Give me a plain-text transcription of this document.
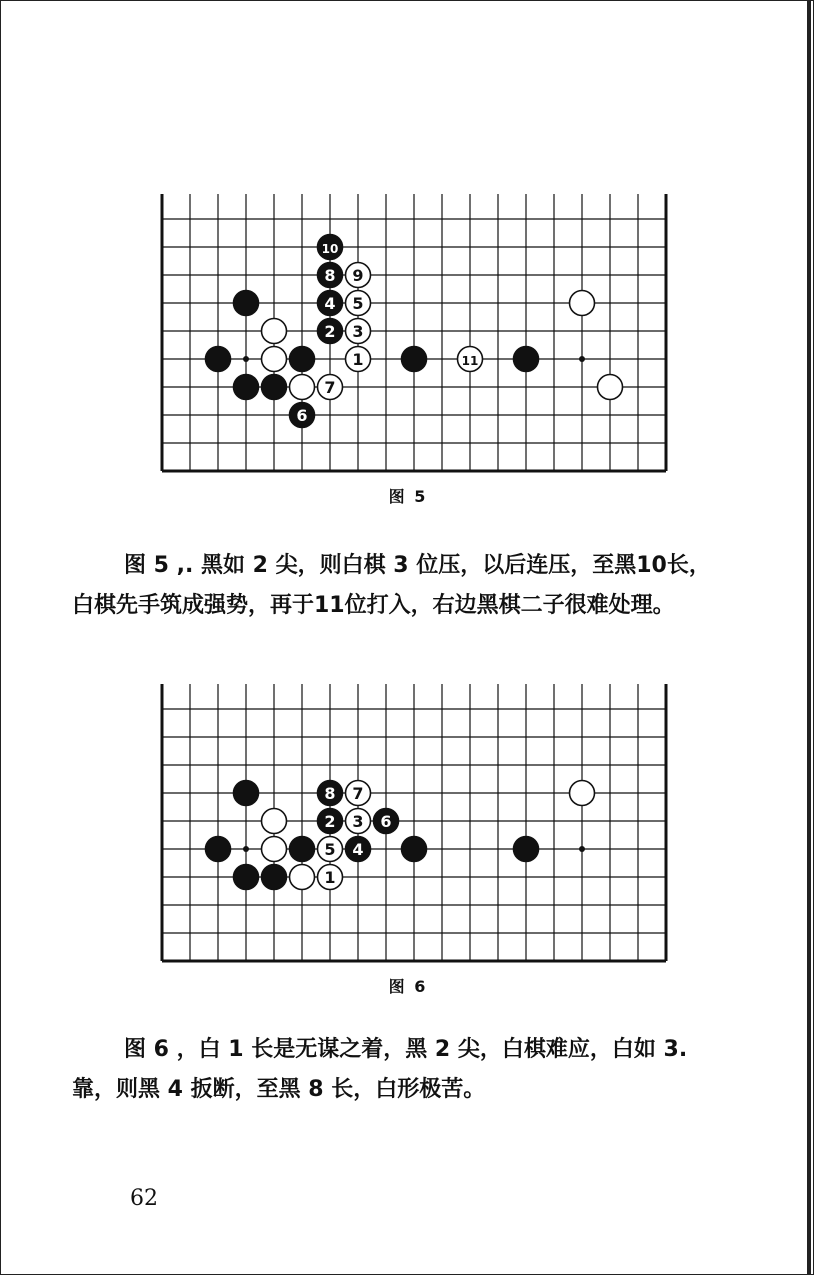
10
8 9
4 5
2 3
1	11
7
6
图 5
图 5 ,. 黑如 2 尖，则白棋 3 位压，以后连压，至黑10长，
白棋先手筑成强势，再于11位打入，右边黑棋二子很难处理。
8 7
2 3 6
5 4
1
图 6
图 6 ，白 1 长是无谋之着，黑 2 尖，白棋难应，白如 3.
靠，则黑 4 扳断，至黑 8 长，白形极苦。
62
